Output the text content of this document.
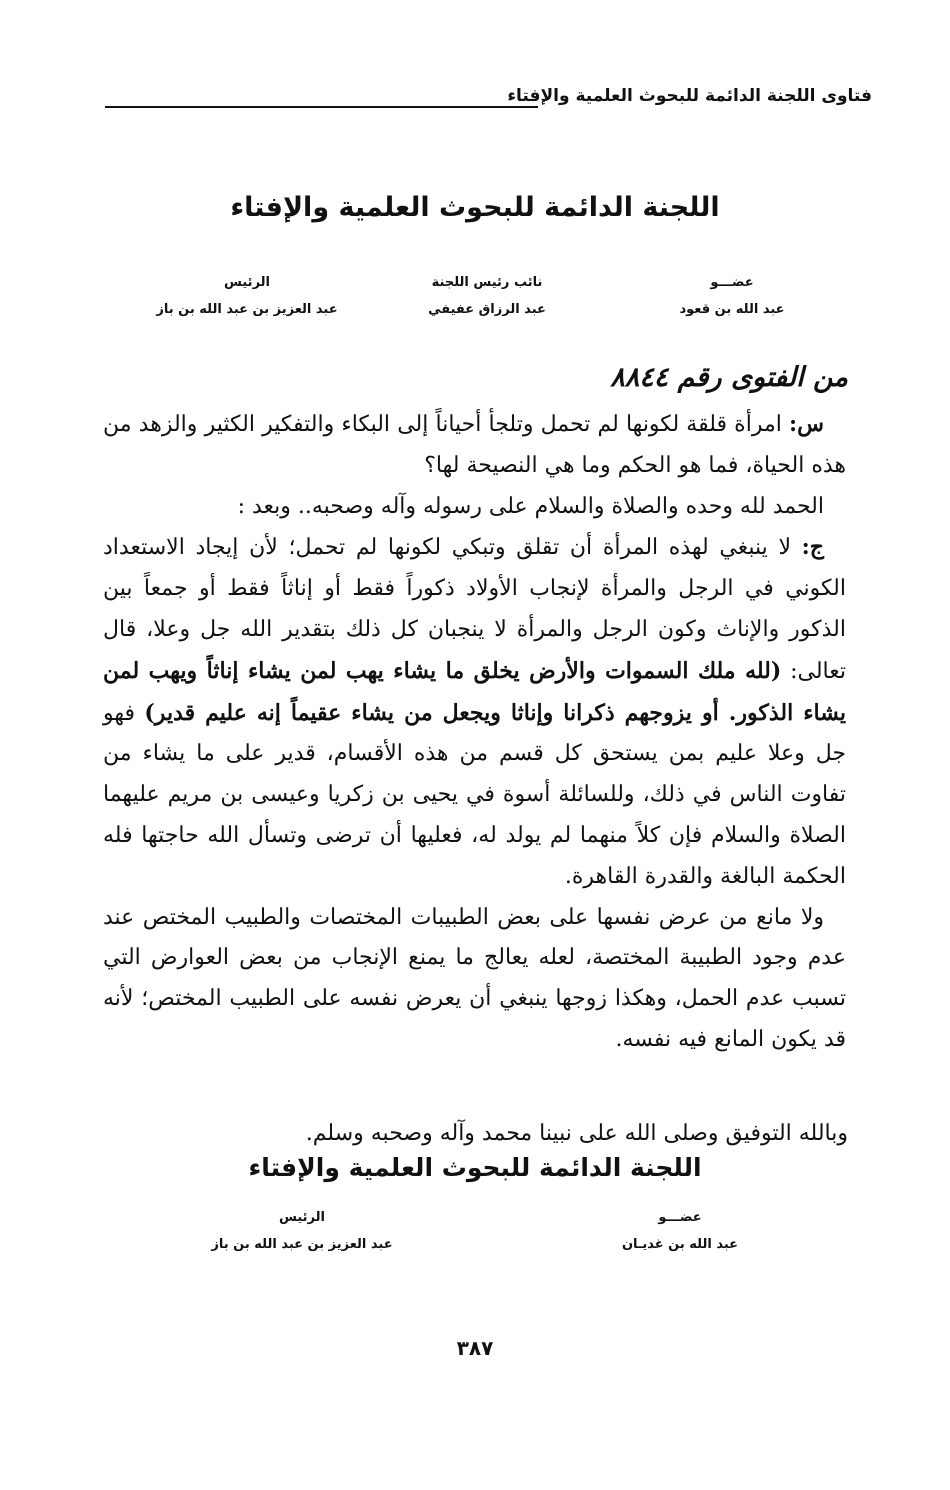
فتاوى اللجنة الدائمة للبحوث العلمية والإفتاء
اللجنة الدائمة للبحوث العلمية والإفتاء
عضـــو
عبد الله بن قعود
نائب رئيس اللجنة
عبد الرزاق عفيفي
الرئيس
عبد العزيز بن عبد الله بن باز
من الفتوى رقم ٨٨٤٤

س: امرأة قلقة لكونها لم تحمل وتلجأ أحياناً إلى البكاء والتفكير الكثير والزهد من هذه الحياة، فما هو الحكم وما هي النصيحة لها؟

الحمد لله وحده والصلاة والسلام على رسوله وآله وصحبه.. وبعد :

ج: لا ينبغي لهذه المرأة أن تقلق وتبكي لكونها لم تحمل؛ لأن إيجاد الاستعداد الكوني في الرجل والمرأة لإنجاب الأولاد ذكوراً فقط أو إناثاً فقط أو جمعاً بين الذكور والإناث وكون الرجل والمرأة لا ينجبان كل ذلك بتقدير الله جل وعلا، قال تعالى: (لله ملك السموات والأرض يخلق ما يشاء يهب لمن يشاء إناثاً ويهب لمن يشاء الذكور. أو يزوجهم ذكرانا وإناثا ويجعل من يشاء عقيماً إنه عليم قدير) فهو جل وعلا عليم بمن يستحق كل قسم من هذه الأقسام، قدير على ما يشاء من تفاوت الناس في ذلك، وللسائلة أسوة في يحيى بن زكريا وعيسى بن مريم عليهما الصلاة والسلام فإن كلاً منهما لم يولد له، فعليها أن ترضى وتسأل الله حاجتها فله الحكمة البالغة والقدرة القاهرة.

ولا مانع من عرض نفسها على بعض الطبيبات المختصات والطبيب المختص عند عدم وجود الطبيبة المختصة، لعله يعالج ما يمنع الإنجاب من بعض العوارض التي تسبب عدم الحمل، وهكذا زوجها ينبغي أن يعرض نفسه على الطبيب المختص؛ لأنه قد يكون المانع فيه نفسه.

وبالله التوفيق وصلى الله على نبينا محمد وآله وصحبه وسلم.
اللجنة الدائمة للبحوث العلمية والإفتاء
عضـــو
عبد الله بن غديـان
الرئيس
عبد العزيز بن عبد الله بن باز
٣٨٧
